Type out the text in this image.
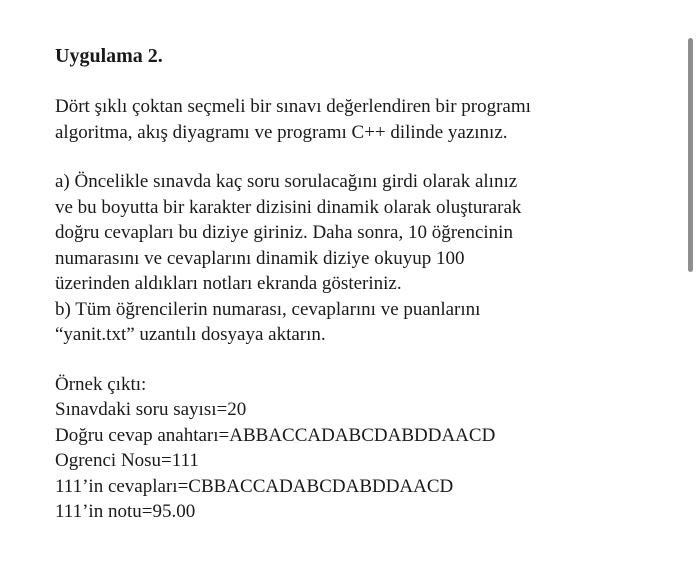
Uygulama 2.
Dört şıklı çoktan seçmeli bir sınavı değerlendiren bir programı
algoritma, akış diyagramı ve programı C++ dilinde yazınız.
a) Öncelikle sınavda kaç soru sorulacağını girdi olarak alınız
ve bu boyutta bir karakter dizisini dinamik olarak oluşturarak
doğru cevapları bu diziye giriniz. Daha sonra, 10 öğrencinin
numarasını ve cevaplarını dinamik diziye okuyup 100
üzerinden aldıkları notları ekranda gösteriniz.
b) Tüm öğrencilerin numarası, cevaplarını ve puanlarını
“yanit.txt” uzantılı dosyaya aktarın.
Örnek çıktı:
Sınavdaki soru sayısı=20
Doğru cevap anahtarı=ABBACCADABCDABDDAACD
Ogrenci Nosu=111
111’in cevapları=CBBACCADABCDABDDAACD
111’in notu=95.00
